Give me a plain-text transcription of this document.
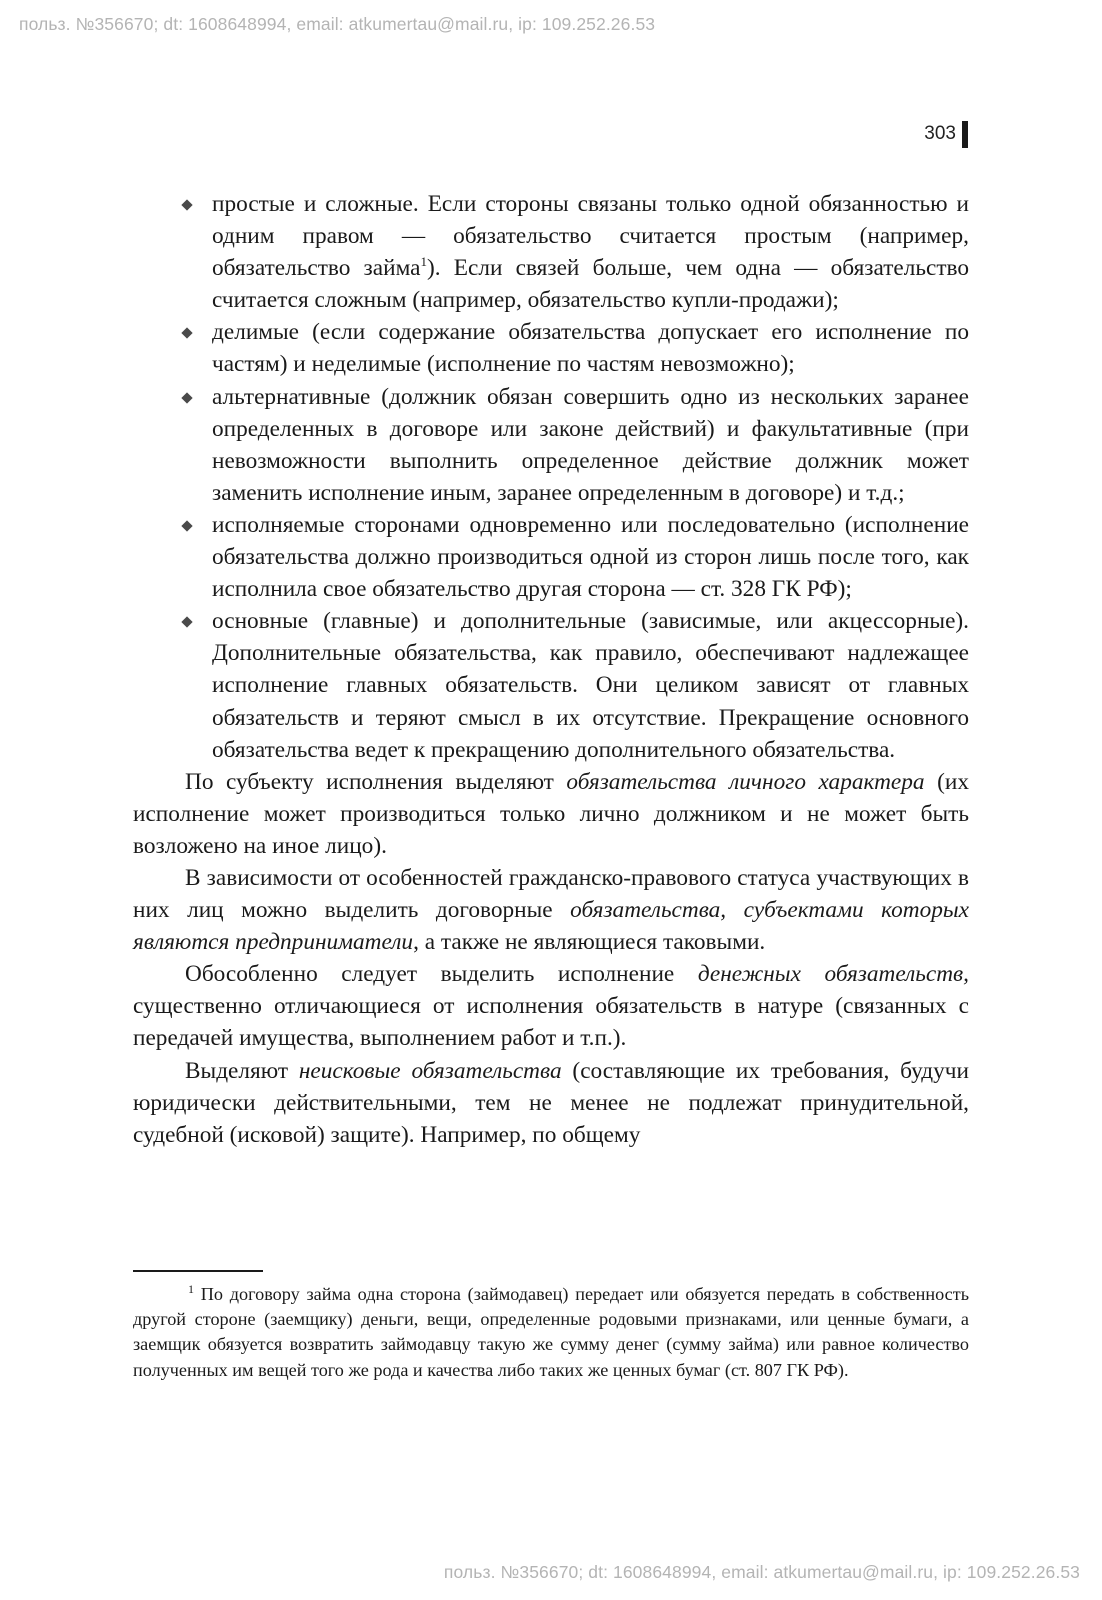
польз. №356670; dt: 1608648994, email: atkumertau@mail.ru, ip: 109.252.26.53
303
простые и сложные. Если стороны связаны только одной обязанностью и одним правом — обязательство считается простым (например, обязательство займа$^1$). Если связей больше, чем одна — обязательство считается сложным (например, обязательство купли-продажи);
делимые (если содержание обязательства допускает его исполнение по частям) и неделимые (исполнение по частям невозможно);
альтернативные (должник обязан совершить одно из нескольких заранее определенных в договоре или законе действий) и факультативные (при невозможности выполнить определенное действие должник может заменить исполнение иным, заранее определенным в договоре) и т.д.;
исполняемые сторонами одновременно или последовательно (исполнение обязательства должно производиться одной из сторон лишь после того, как исполнила свое обязательство другая сторона — ст. 328 ГК РФ);
основные (главные) и дополнительные (зависимые, или акцессорные). Дополнительные обязательства, как правило, обеспечивают надлежащее исполнение главных обязательств. Они целиком зависят от главных обязательств и теряют смысл в их отсутствие. Прекращение основного обязательства ведет к прекращению дополнительного обязательства.

По субъекту исполнения выделяют обязательства личного характера (их исполнение может производиться только лично должником и не может быть возложено на иное лицо).

В зависимости от особенностей гражданско-правового статуса участвующих в них лиц можно выделить договорные обязательства, субъектами которых являются предприниматели, а также не являющиеся таковыми.

Обособленно следует выделить исполнение денежных обязательств, существенно отличающиеся от исполнения обязательств в натуре (связанных с передачей имущества, выполнением работ и т.п.).

Выделяют неисковые обязательства (составляющие их требования, будучи юридически действительными, тем не менее не подлежат принудительной, судебной (исковой) защите). Например, по общему

$^1$ По договору займа одна сторона (займодавец) передает или обязуется передать в собственность другой стороне (заемщику) деньги, вещи, определенные родовыми признаками, или ценные бумаги, а заемщик обязуется возвратить займодавцу такую же сумму денег (сумму займа) или равное количество полученных им вещей того же рода и качества либо таких же ценных бумаг (ст. 807 ГК РФ).

польз. №356670; dt: 1608648994, email: atkumertau@mail.ru, ip: 109.252.26.53
